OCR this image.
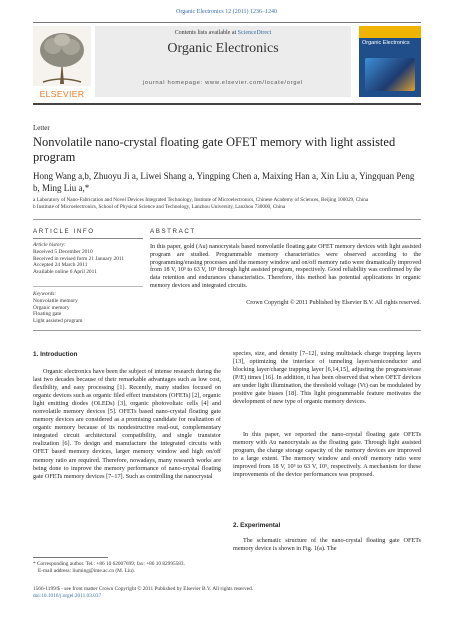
Organic Electronics 12 (2011) 1236–1240
ELSEVIER
Contents lists available at ScienceDirect
Organic Electronics
journal homepage: www.elsevier.com/locate/orgel
Organic Electronics
Letter
Nonvolatile nano-crystal floating gate OFET memory with light assisted program
Hong Wang a,b, Zhuoyu Ji a, Liwei Shang a, Yingping Chen a, Maixing Han a, Xin Liu a, Yingquan Peng b, Ming Liu a,*
a Laboratory of Nano-Fabrication and Novel Devices Integrated Technology, Institute of Microelectronics, Chinese Academy of Sciences, Beijing 100029, China
b Institute of Microelectronics, School of Physical Science and Technology, Lanzhou University, Lanzhou 730000, China
ARTICLE INFO
Article history:
Received 5 December 2010
Received in revised form 21 January 2011
Accepted 24 March 2011
Available online 6 April 2011
Keywords:
Nonvolatile memory
Organic memory
Floating gate
Light assisted program
ABSTRACT
In this paper, gold (Au) nanocrystals based nonvolatile floating gate OFET memory devices with light assisted program are studied. Programmable memory characteristics were observed according to the programming/erasing processes and the memory window and on/off memory ratio were dramatically improved from 18 V, 10³ to 63 V, 10⁵ through light assisted program, respectively. Good reliability was confirmed by the data retention and endurances characteristics. Therefore, this method has potential applications in organic memory devices and integrated circuits.
Crown Copyright © 2011 Published by Elsevier B.V. All rights reserved.
1. Introduction
Organic electronics have been the subject of intense research during the last two decades because of their remarkable advantages such as low cost, flexibility, and easy processing [1]. Recently, many studies focused on organic devices such as organic filed effect transistors (OFETs) [2], organic light emitting diodes (OLEDs) [3], organic photovoltaic cells [4] and nonvolatile memory devices [5]. OFETs based nano-crystal floating gate memory devices are considered as a promising candidate for realization of organic memory because of its nondestructive read-out, complementary integrated circuit architectural compatibility, and single transistor realization [6]. To design and manufacture the integrated circuits with OFET based memory devices, larger memory window and high on/off memory ratio are required. Therefore, nowadays, many research works are being done to improve the memory performance of nano-crystal floating gate OFETs memory devices [7–17]. Such as controlling the nanocrystal
species, size, and density [7–12], using multistack charge trapping layers [13], optimizing the interface of tunneling layer/semiconductor and blocking layer/charge trapping layer [6,14,15], adjusting the program/erase (P/E) times [16]. In addition, it has been observed that when OFET devices are under light illumination, the threshold voltage (Vt) can be modulated by positive gate biases [18]. This light programmable feature motivates the development of new type of organic memory devices.
In this paper, we reported the nano-crystal floating gate OFETs memory with Au nanocrystals as the floating gate. Through light assisted program, the charge storage capacity of the memory devices are improved to a large extent. The memory window and on/off memory ratio were improved from 18 V, 10³ to 63 V, 10⁵, respectively. A mechanism for these improvements of the device performances was proposed.
2. Experimental
The schematic structure of the nano-crystal floating gate OFETs memory device is shown in Fig. 1(a). The
* Corresponding author. Tel.: +86 10 62007699; fax: +86 10 82995583.
E-mail address: liuming@ime.ac.cn (M. Liu).
1566-1199/$ - see front matter Crown Copyright © 2011 Published by Elsevier B.V. All rights reserved.
doi:10.1016/j.orgel.2011.03.037
